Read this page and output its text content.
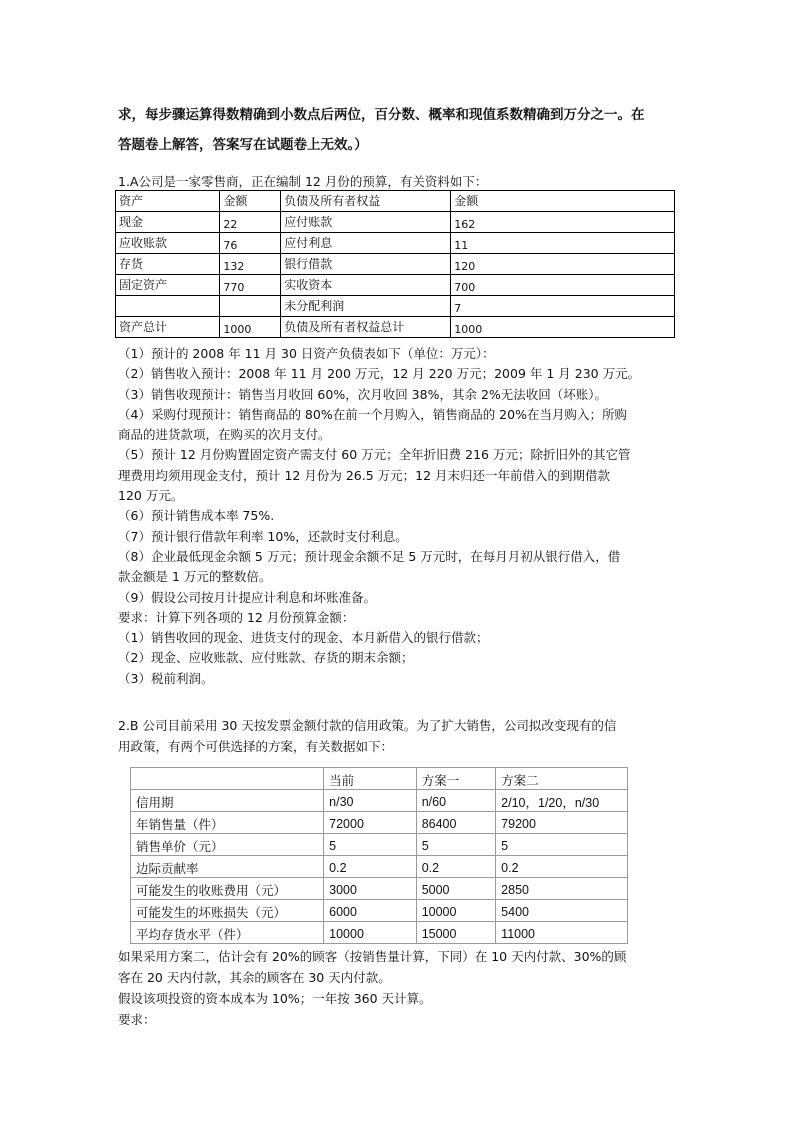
求，每步骤运算得数精确到小数点后两位，百分数、概率和现值系数精确到万分之一。在

答题卷上解答，答案写在试题卷上无效。）

1.A公司是一家零售商，正在编制 12 月份的预算，有关资料如下：
资产	金额	负债及所有者权益	金额
现金	22	应付账款	162
应收账款	76	应付利息	11
存货	132	银行借款	120
固定资产	770	实收资本	700
		未分配利润	7
资产总计	1000	负债及所有者权益总计	1000
（1）预计的 2008 年 11 月 30 日资产负债表如下（单位：万元）：
（2）销售收入预计：2008 年 11 月 200 万元，12 月 220 万元；2009 年 1 月 230 万元。
（3）销售收现预计：销售当月收回 60%，次月收回 38%，其余 2%无法收回（坏账）。
（4）采购付现预计：销售商品的 80%在前一个月购入，销售商品的 20%在当月购入；所购
商品的进货款项，在购买的次月支付。
（5）预计 12 月份购置固定资产需支付 60 万元；全年折旧费 216 万元；除折旧外的其它管
理费用均须用现金支付，预计 12 月份为 26.5 万元；12 月末归还一年前借入的到期借款
120 万元。
（6）预计销售成本率 75%.
（7）预计银行借款年利率 10%，还款时支付利息。
（8）企业最低现金余额 5 万元；预计现金余额不足 5 万元时，在每月月初从银行借入，借
款金额是 1 万元的整数倍。
（9）假设公司按月计提应计利息和坏账准备。
要求：计算下列各项的 12 月份预算金额：
（1）销售收回的现金、进货支付的现金、本月新借入的银行借款；
（2）现金、应收账款、应付账款、存货的期末余额；
（3）税前利润。
2.B 公司目前采用 30 天按发票金额付款的信用政策。为了扩大销售，公司拟改变现有的信
用政策，有两个可供选择的方案，有关数据如下：
	当前	方案一	方案二
信用期	n/30	n/60	2/10，1/20，n/30
年销售量（件）	72000	86400	79200
销售单价（元）	5	5	5
边际贡献率	0.2	0.2	0.2
可能发生的收账费用（元）	3000	5000	2850
可能发生的坏账损失（元）	6000	10000	5400
平均存货水平（件）	10000	15000	11000
如果采用方案二，估计会有 20%的顾客（按销售量计算，下同）在 10 天内付款、30%的顾
客在 20 天内付款，其余的顾客在 30 天内付款。
假设该项投资的资本成本为 10%；一年按 360 天计算。
要求：
